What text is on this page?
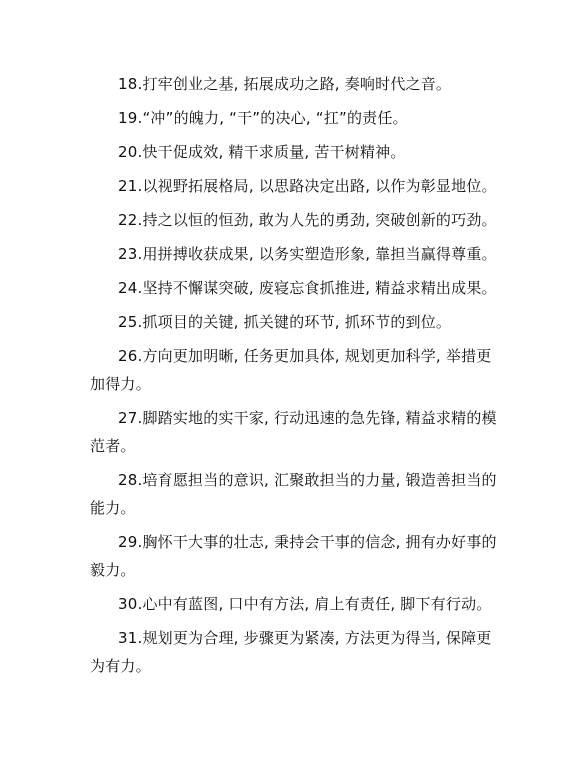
18.打牢创业之基, 拓展成功之路, 奏响时代之音。

19.“冲”的魄力, “干”的决心, “扛”的责任。

20.快干促成效, 精干求质量, 苦干树精神。

21.以视野拓展格局, 以思路决定出路, 以作为彰显地位。

22.持之以恒的恒劲, 敢为人先的勇劲, 突破创新的巧劲。

23.用拼搏收获成果, 以务实塑造形象, 靠担当赢得尊重。

24.坚持不懈谋突破, 废寝忘食抓推进, 精益求精出成果。

25.抓项目的关键, 抓关键的环节, 抓环节的到位。

26.方向更加明晰, 任务更加具体, 规划更加科学, 举措更加得力。

27.脚踏实地的实干家, 行动迅速的急先锋, 精益求精的模范者。

28.培育愿担当的意识, 汇聚敢担当的力量, 锻造善担当的能力。

29.胸怀干大事的壮志, 秉持会干事的信念, 拥有办好事的毅力。

30.心中有蓝图, 口中有方法, 肩上有责任, 脚下有行动。

31.规划更为合理, 步骤更为紧凑, 方法更为得当, 保障更为有力。
